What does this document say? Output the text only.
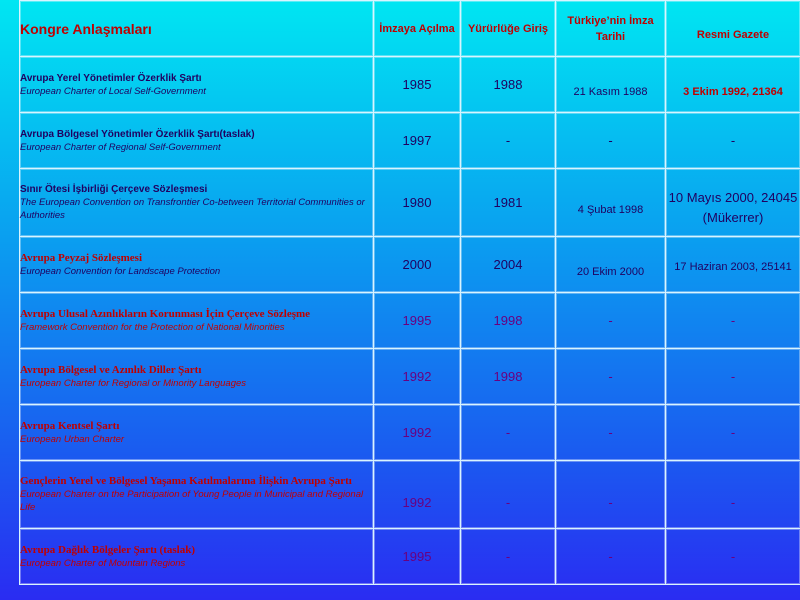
Kongre Anlaşmaları	İmzaya Açılma	Yürürlüğe Giriş	Türkiye’nin İmza Tarihi	Resmi Gazete

Avrupa Yerel Yönetimler Özerklik Şartı
European Charter of Local Self-Government	1985	1988	21 Kasım 1988	3 Ekim 1992, 21364

Avrupa Bölgesel Yönetimler Özerklik Şartı(taslak)
European Charter of Regional Self-Government	1997	-	-	-

Sınır Ötesi İşbirliği Çerçeve Sözleşmesi
The European Convention on Transfrontier Co-between Territorial Communities or Authorities	1980	1981	4 Şubat 1998	10 Mayıs 2000, 24045 (Mükerrer)

Avrupa Peyzaj Sözleşmesi
European Convention for Landscape Protection	2000	2004	20 Ekim 2000	17 Haziran 2003, 25141

Avrupa Ulusal Azınlıkların Korunması İçin Çerçeve Sözleşme
Framework Convention for the Protection of National Minorities	1995	1998	-	-

Avrupa Bölgesel ve Azınlık Diller Şartı
European Charter for Regional or Minority Languages	1992	1998	-	-

Avrupa Kentsel Şartı
European Urban Charter	1992	-	-	-

Gençlerin Yerel ve Bölgesel Yaşama Katılmalarına İlişkin Avrupa Şartı
European Charter on the Participation of Young People in Municipal and Regional Life	1992	-	-	-

Avrupa Dağlık Bölgeler Şartı (taslak)
European Charter of Mountain Regions	1995	-	-	-
